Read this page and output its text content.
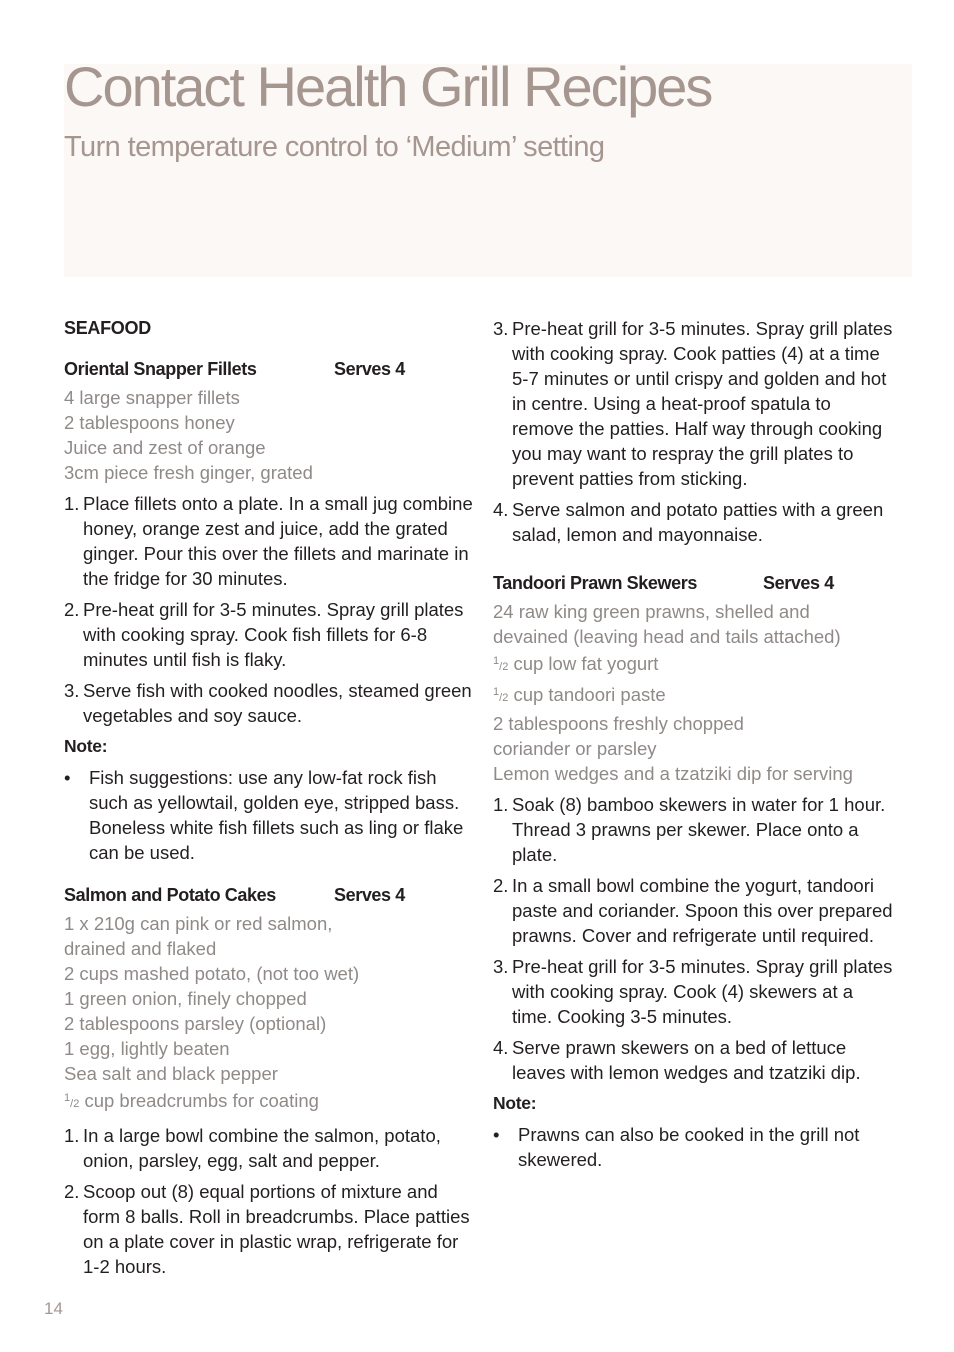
Contact Health Grill Recipes
Turn temperature control to ‘Medium’ setting
SEAFOOD
Oriental Snapper Fillets	Serves 4
4 large snapper fillets
2 tablespoons honey
Juice and zest of orange
3cm piece fresh ginger, grated
1. Place fillets onto a plate. In a small jug combine honey, orange zest and juice, add the grated ginger. Pour this over the fillets and marinate in the fridge for 30 minutes.
2. Pre-heat grill for 3-5 minutes. Spray grill plates with cooking spray. Cook fish fillets for 6-8 minutes until fish is flaky.
3. Serve fish with cooked noodles, steamed green vegetables and soy sauce.
Note:
•	Fish suggestions: use any low-fat rock fish such as yellowtail, golden eye, stripped bass. Boneless white fish fillets such as ling or flake can be used.
Salmon and Potato Cakes	Serves 4
1 x 210g can pink or red salmon,
drained and flaked
2 cups mashed potato, (not too wet)
1 green onion, finely chopped
2 tablespoons parsley (optional)
1 egg, lightly beaten
Sea salt and black pepper
$^1$/2 cup breadcrumbs for coating
1. In a large bowl combine the salmon, potato, onion, parsley, egg, salt and pepper.
2. Scoop out (8) equal portions of mixture and form 8 balls. Roll in breadcrumbs. Place patties on a plate cover in plastic wrap, refrigerate for 1-2 hours.
3. Pre-heat grill for 3-5 minutes. Spray grill plates with cooking spray. Cook patties (4) at a time 5-7 minutes or until crispy and golden and hot in centre. Using a heat-proof spatula to remove the patties. Half way through cooking you may want to respray the grill plates to prevent patties from sticking.
4. Serve salmon and potato patties with a green salad, lemon and mayonnaise.
Tandoori Prawn Skewers	Serves 4
24 raw king green prawns, shelled and
devained (leaving head and tails attached)
$^1$/2 cup low fat yogurt
$^1$/2 cup tandoori paste
2 tablespoons freshly chopped
coriander or parsley
Lemon wedges and a tzatziki dip for serving
1. Soak (8) bamboo skewers in water for 1 hour. Thread 3 prawns per skewer. Place onto a plate.
2. In a small bowl combine the yogurt, tandoori paste and coriander. Spoon this over prepared prawns. Cover and refrigerate until required.
3. Pre-heat grill for 3-5 minutes. Spray grill plates with cooking spray. Cook (4) skewers at a time. Cooking 3-5 minutes.
4. Serve prawn skewers on a bed of lettuce leaves with lemon wedges and tzatziki dip.
Note:
•	Prawns can also be cooked in the grill not skewered.
14
